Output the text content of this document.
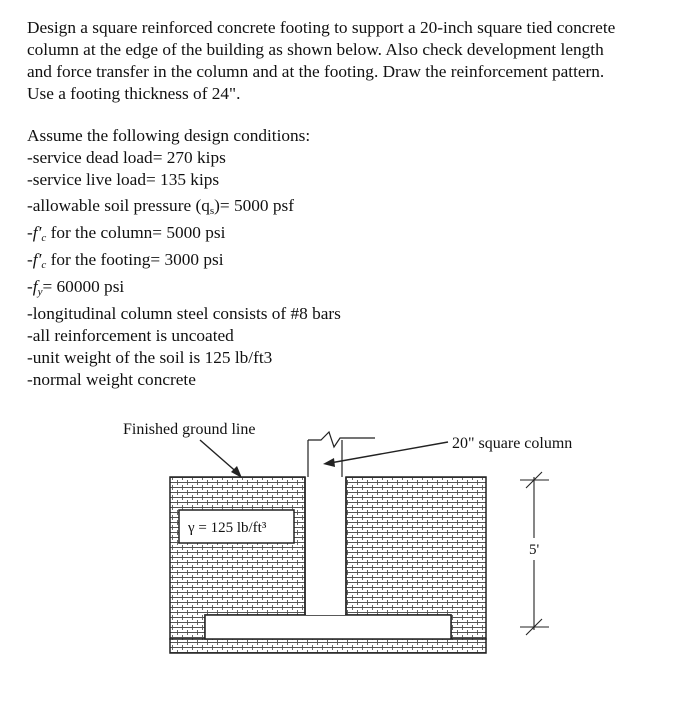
Design a square reinforced concrete footing to support a 20-inch square tied concrete
column at the edge of the building as shown below. Also check development length
and force transfer in the column and at the footing. Draw the reinforcement pattern.
Use a footing thickness of 24".

Assume the following design conditions:
-service dead load= 270 kips
-service live load= 135 kips
-allowable soil pressure $(q_s)= 5000$ psf
$-f'_c$ for the column= 5000 psi
$-f'_c$ for the footing= 3000 psi
$-f_y= 60000$ psi
-longitudinal column steel consists of #8 bars
-all reinforcement is uncoated
-unit weight of the soil is 125 lb/ft3
-normal weight concrete
γ = 125 lb/ft³
Finished ground line
20" square column
5'
